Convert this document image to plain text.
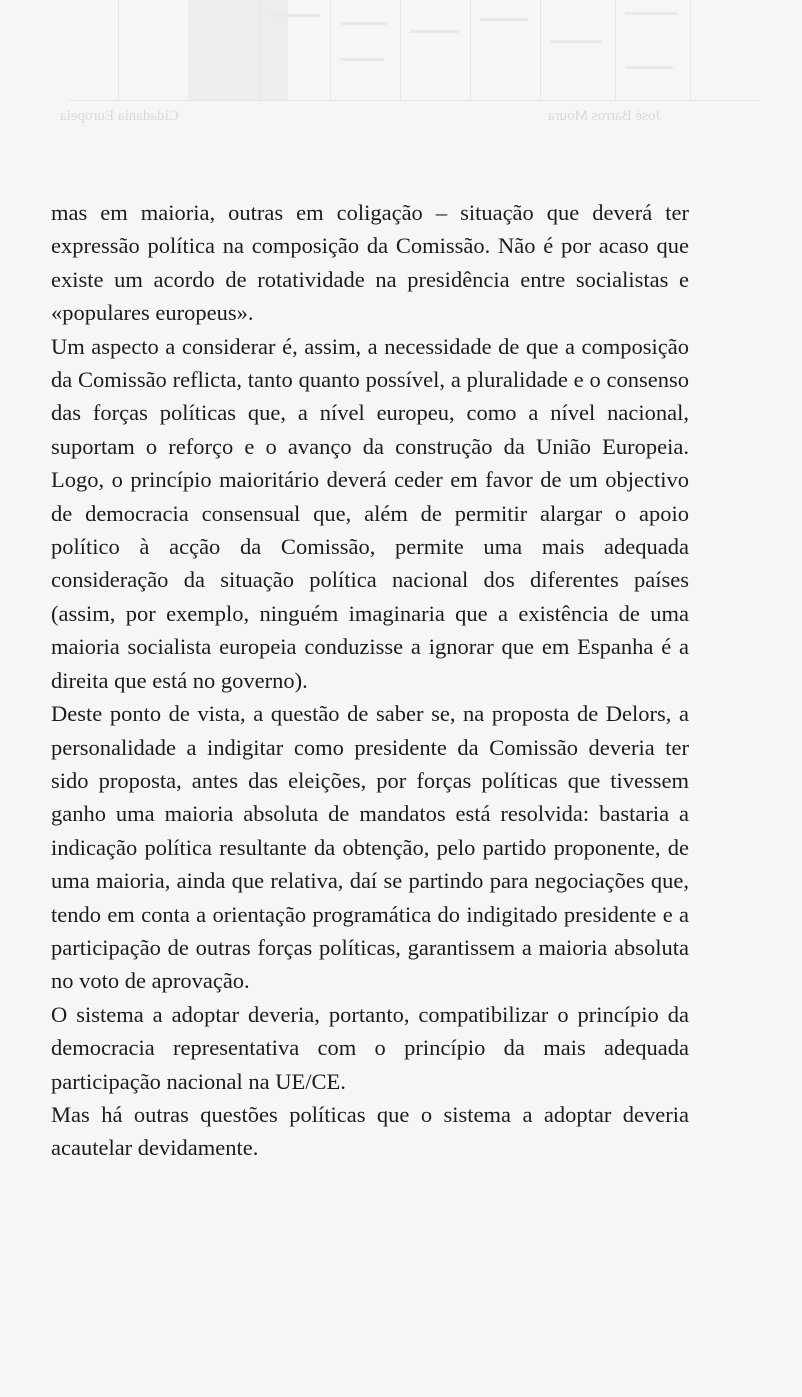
Cidadania Europeia	José Barros Moura

mas em maioria, outras em coligação – situação que deverá ter expressão política na composição da Comissão. Não é por acaso que existe um acordo de rotatividade na presidência entre socialistas e «populares europeus».

Um aspecto a considerar é, assim, a necessidade de que a composição da Comissão reflicta, tanto quanto possível, a pluralidade e o consenso das forças políticas que, a nível europeu, como a nível nacional, suportam o reforço e o avanço da construção da União Europeia. Logo, o princípio maioritário deverá ceder em favor de um objectivo de democracia consensual que, além de permitir alargar o apoio político à acção da Comissão, permite uma mais adequada consideração da situação política nacional dos diferentes países (assim, por exemplo, ninguém imaginaria que a existência de uma maioria socialista europeia conduzisse a ignorar que em Espanha é a direita que está no governo).

Deste ponto de vista, a questão de saber se, na proposta de Delors, a personalidade a indigitar como presidente da Comissão deveria ter sido proposta, antes das eleições, por forças políticas que tivessem ganho uma maioria absoluta de mandatos está resolvida: bastaria a indicação política resultante da obtenção, pelo partido proponente, de uma maioria, ainda que relativa, daí se partindo para negociações que, tendo em conta a orientação programática do indigitado presidente e a participação de outras forças políticas, garantissem a maioria absoluta no voto de aprovação.

O sistema a adoptar deveria, portanto, compatibilizar o princípio da democracia representativa com o princípio da mais adequada participação nacional na UE/CE.

Mas há outras questões políticas que o sistema a adoptar deveria acautelar devidamente.
